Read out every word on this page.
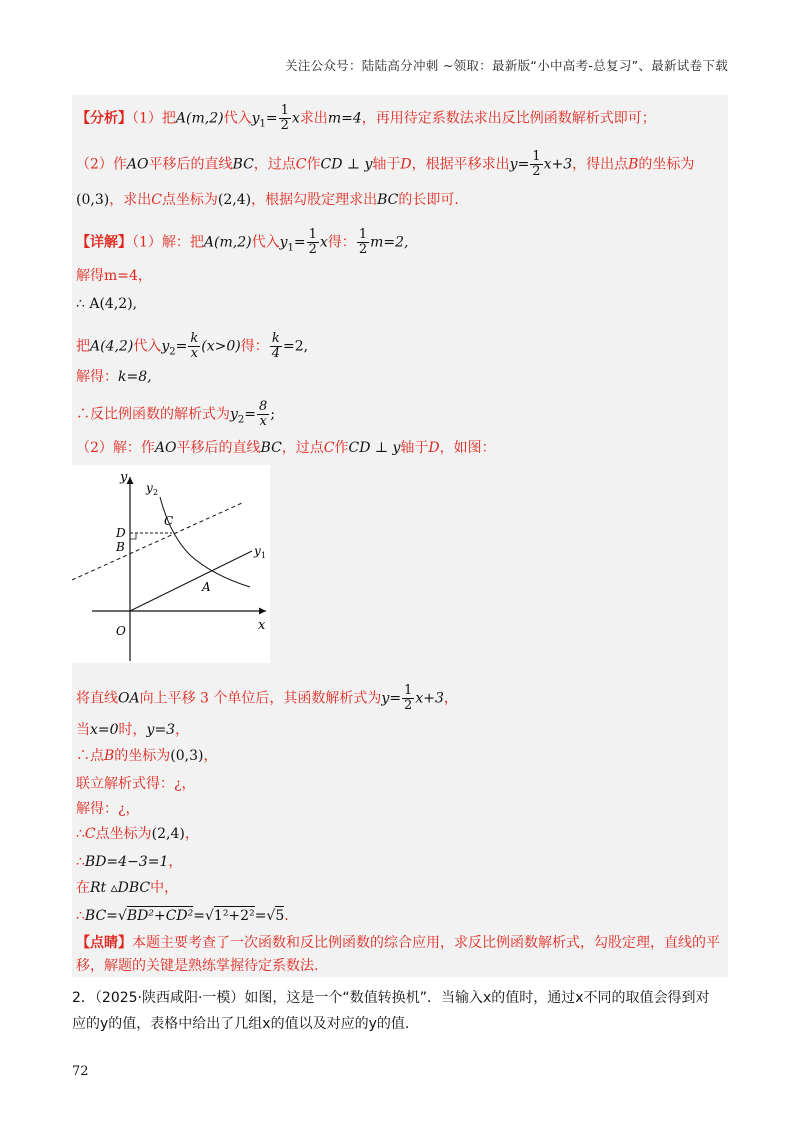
关注公众号：陆陆高分冲刺 ~领取：最新版“小中高考-总复习”、最新试卷下载
【分析】（1）把A(m,2)代入$y_1= \frac{1}{2}$ x求出m=4，再用待定系数法求出反比例函数解析式即可；
（2）作AO平移后的直线BC，过点C作CD ⊥ y轴于D，根据平移求出$y= \frac{1}{2} x+3$，得出点B的坐标为
(0,3)，求出C点坐标为(2,4)，根据勾股定理求出BC的长即可.
【详解】（1）解：把A(m,2)代入$y_1= \frac{1}{2}$ x得： $\frac{1}{2} m=2$,
解得m=4，
∴ A(4,2),
把A(4,2)代入$y_2= \frac{k}{x} (x>0)$得： $\frac{k}{4} =2$,
解得：k=8,
∴反比例函数的解析式为$y_2= \frac{8}{x}$ ;
（2）解：作AO平移后的直线BC，过点C作CD ⊥ y轴于D，如图：
y
y 2
D
C
B	y 1
A
O	x
将直线OA向上平移 3 个单位后，其函数解析式为$y= \frac{1}{2} x+3$，
当x=0时，y=3，
∴点B的坐标为(0,3)，
联立解析式得：¿，
解得：¿，
∴C点坐标为(2,4)，
∴BD=4−3=1，
在Rt ▵DBC中，
∴BC=√BD²+CD²=√1²+2²=√5.
【点睛】本题主要考查了一次函数和反比例函数的综合应用，求反比例函数解析式，勾股定理，直线的平
移，解题的关键是熟练掌握待定系数法.
2．（2025·陕西咸阳·一模）如图，这是一个“数值转换机”．当输入x的值时，通过x不同的取值会得到对
应的y的值，表格中给出了几组x的值以及对应的y的值.
72
